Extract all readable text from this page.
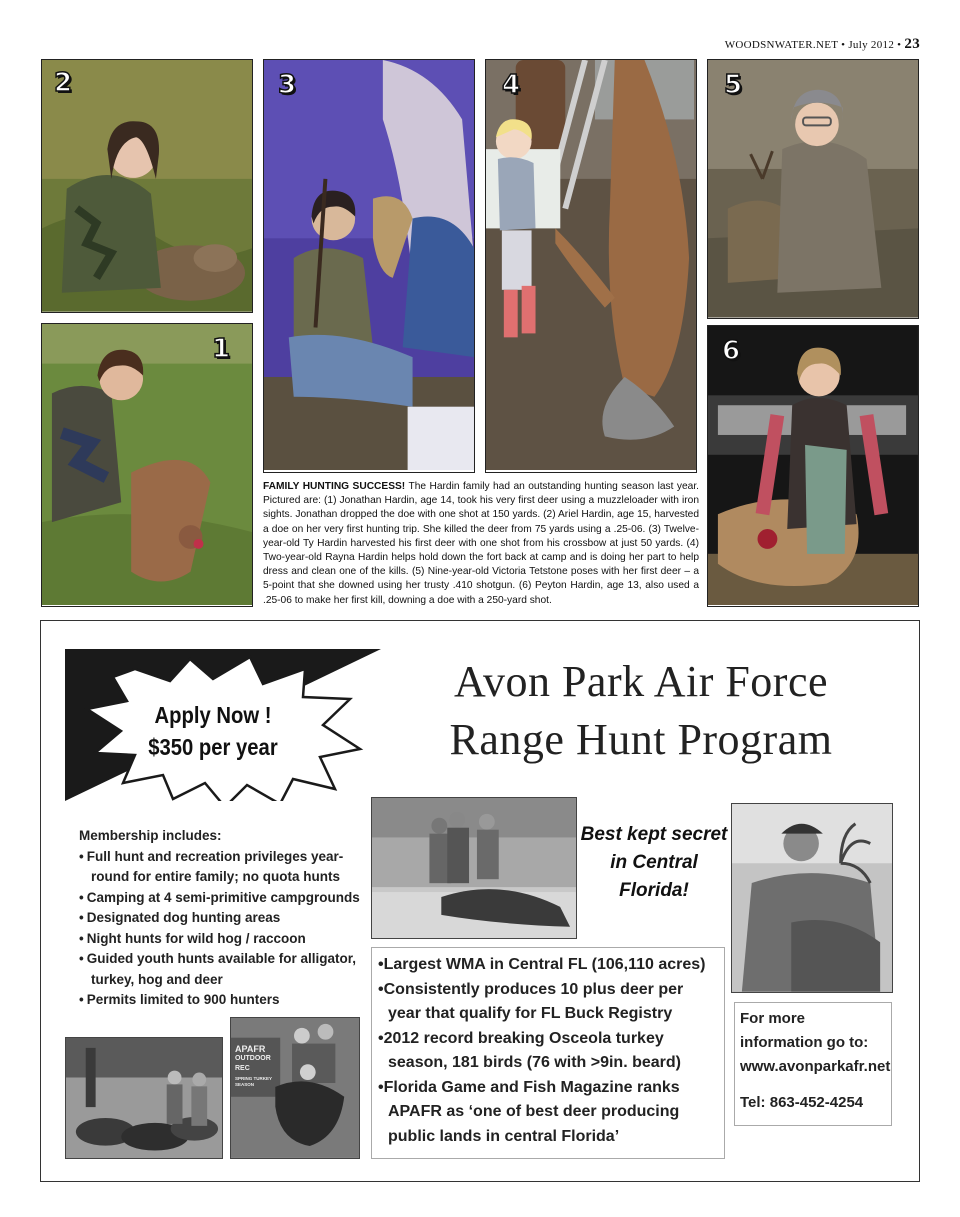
WOODSNWATER.NET • July 2012 • 23
2
1
3	4	5
6
FAMILY HUNTING SUCCESS! The Hardin family had an outstanding hunting season last year. Pictured are: (1) Jonathan Hardin, age 14, took his very first deer using a muzzleloader with iron sights. Jonathan dropped the doe with one shot at 150 yards. (2) Ariel Hardin, age 15, harvested a doe on her very first hunting trip. She killed the deer from 75 yards using a .25-06. (3) Twelve-year-old Ty Hardin harvested his first deer with one shot from his crossbow at just 50 yards. (4) Two-year-old Rayna Hardin helps hold down the fort back at camp and is doing her part to help dress and clean one of the kills. (5) Nine-year-old Victoria Tetstone poses with her first deer – a 5-point that she downed using her trusty .410 shotgun. (6) Peyton Hardin, age 13, also used a .25-06 to make her first kill, downing a doe with a 250-yard shot.
Apply Now !
$350 per year
Avon Park Air Force
Range Hunt Program
Membership includes:
• Full hunt and recreation privileges year-round for entire family; no quota hunts
• Camping at 4 semi-primitive campgrounds
• Designated dog hunting areas
• Night hunts for wild hog / raccoon
• Guided youth hunts available for alligator, turkey, hog and deer
• Permits limited to 900 hunters
Best kept secret in Central Florida!
• Largest WMA in Central FL (106,110 acres)
• Consistently produces 10 plus deer per year that qualify for FL Buck Registry
• 2012 record breaking Osceola turkey season, 181 birds (76 with >9in. beard)
• Florida Game and Fish Magazine ranks APAFR as ‘one of best deer producing public lands in central Florida’
For more information go to:
www.avonparkafr.net
Tel: 863-452-4254
APAFR
OUTDOOR
REC
SPRING TURKEY
SEASON
